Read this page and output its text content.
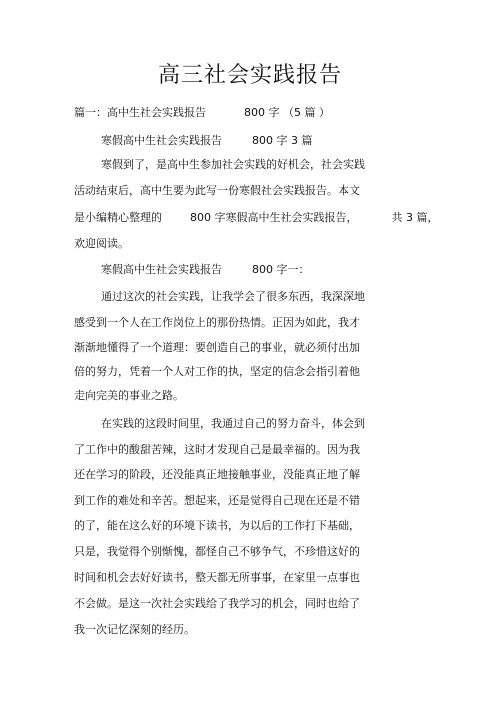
高三社会实践报告
篇一：高中生社会实践报告	800 字 （5 篇 ）
寒假高中生社会实践报告	800 字 3 篇
寒假到了，是高中生参加社会实践的好机会，社会实践
活动结束后，高中生要为此写一份寒假社会实践报告。本文
是小编精心整理的	800 字寒假高中生社会实践报告，	共 3 篇，
欢迎阅读。
寒假高中生社会实践报告	800 字一：
通过这次的社会实践，让我学会了很多东西，我深深地
感受到一个人在工作岗位上的那份热情。正因为如此，我才
渐渐地懂得了一个道理：要创造自己的事业，就必须付出加
倍的努力，凭着一个人对工作的执，坚定的信念会指引着他
走向完美的事业之路。
在实践的这段时间里，我通过自己的努力奋斗，体会到
了工作中的酸甜苦辣，这时才发现自己是最幸福的。因为我
还在学习的阶段，还没能真正地接触事业，没能真正地了解
到工作的难处和辛苦。想起来，还是觉得自己现在还是不错
的了，能在这么好的环境下读书，为以后的工作打下基础，
只是，我觉得个别惭愧，都怪自己不够争气，不珍惜这好的
时间和机会去好好读书，整天都无所事事，在家里一点事也
不会做。是这一次社会实践给了我学习的机会，同时也给了
我一次记忆深刻的经历。
